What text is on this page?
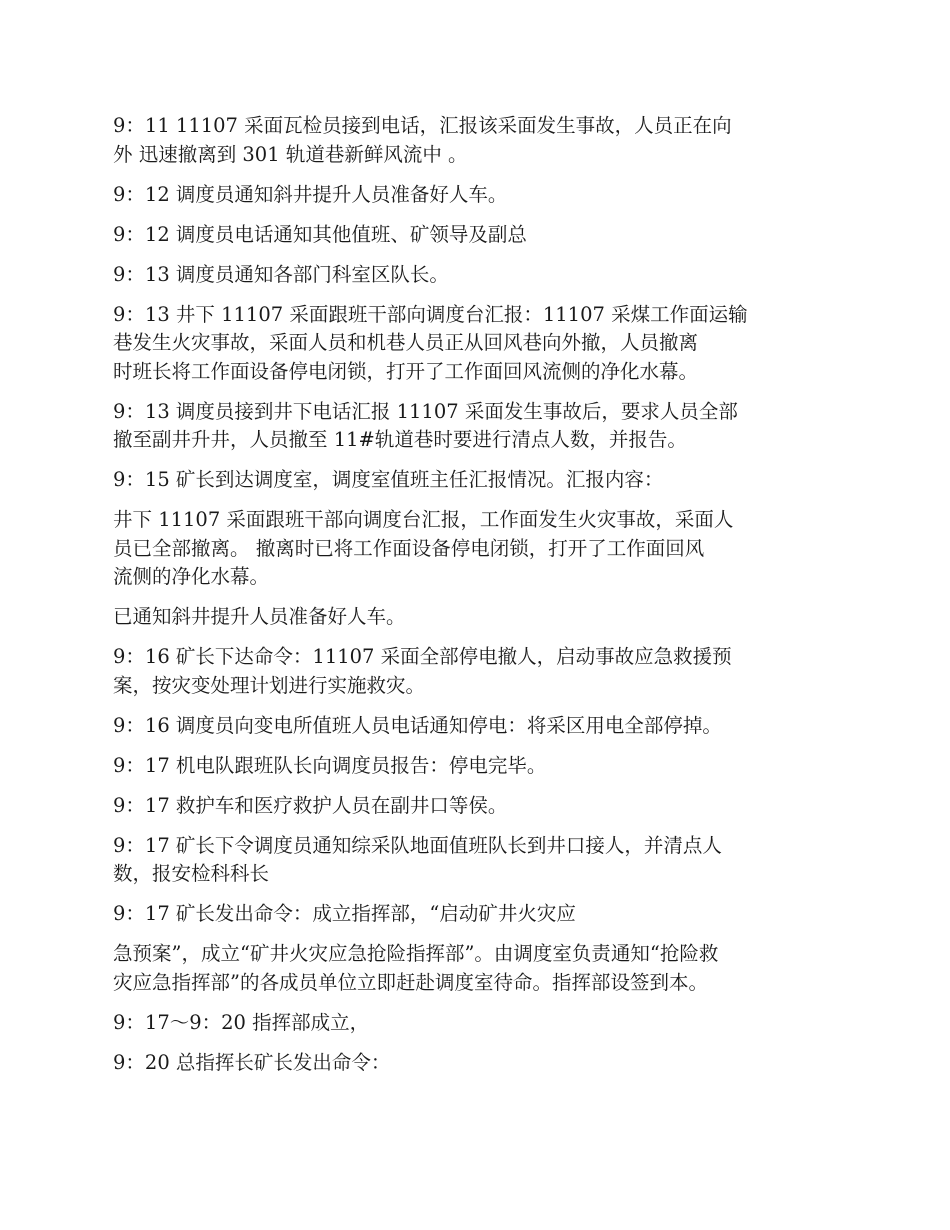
9：11 11107 采面瓦检员接到电话，汇报该采面发生事故，人员正在向
外 迅速撤离到 301 轨道巷新鲜风流中 。

9：12 调度员通知斜井提升人员准备好人车。

9：12 调度员电话通知其他值班、矿领导及副总

9：13 调度员通知各部门科室区队长。

9：13 井下 11107 采面跟班干部向调度台汇报：11107 采煤工作面运输
巷发生火灾事故，采面人员和机巷人员正从回风巷向外撤，人员撤离
时班长将工作面设备停电闭锁，打开了工作面回风流侧的净化水幕。

9：13 调度员接到井下电话汇报 11107 采面发生事故后，要求人员全部
撤至副井升井，人员撤至 11#轨道巷时要进行清点人数，并报告。

9：15 矿长到达调度室，调度室值班主任汇报情况。汇报内容：

井下 11107 采面跟班干部向调度台汇报，工作面发生火灾事故，采面人
员已全部撤离。 撤离时已将工作面设备停电闭锁，打开了工作面回风
流侧的净化水幕。

已通知斜井提升人员准备好人车。

9：16 矿长下达命令：11107 采面全部停电撤人，启动事故应急救援预
案，按灾变处理计划进行实施救灾。

9：16 调度员向变电所值班人员电话通知停电：将采区用电全部停掉。

9：17 机电队跟班队长向调度员报告：停电完毕。

9：17 救护车和医疗救护人员在副井口等侯。

9：17 矿长下令调度员通知综采队地面值班队长到井口接人，并清点人
数，报安检科科长

9：17 矿长发出命令：成立指挥部，“启动矿井火灾应

急预案”，成立“矿井火灾应急抢险指挥部”。由调度室负责通知“抢险救
灾应急指挥部”的各成员单位立即赶赴调度室待命。指挥部设签到本。

9：17～9：20 指挥部成立，

9：20 总指挥长矿长发出命令：
